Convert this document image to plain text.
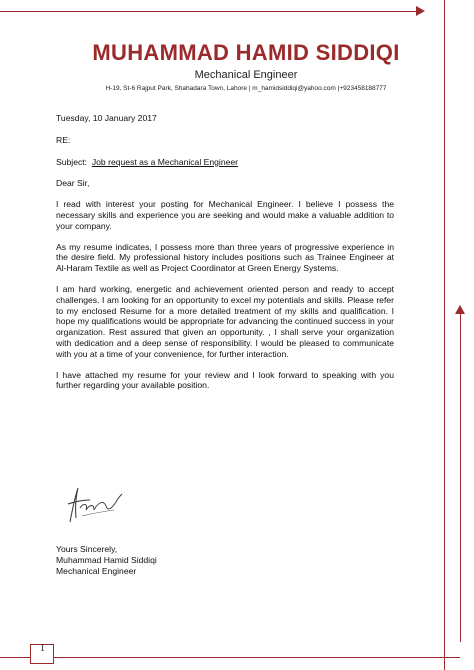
MUHAMMAD HAMID SIDDIQI
Mechanical Engineer
H-19, St-6 Rajput Park, Shahadara Town, Lahore | m_hamidsiddiqi@yahoo.com |+923458188777

Tuesday, 10 January 2017

RE:

Subject: Job request as a Mechanical Engineer

Dear Sir,

I read with interest your posting for Mechanical Engineer. I believe I possess the necessary skills and experience you are seeking and would make a valuable addition to your company.

As my resume indicates, I possess more than three years of progressive experience in the desire field. My professional history includes positions such as Trainee Engineer at Al-Haram Textile as well as Project Coordinator at Green Energy Systems.

I am hard working, energetic and achievement oriented person and ready to accept challenges. I am looking for an opportunity to excel my potentials and skills. Please refer to my enclosed Resume for a more detailed treatment of my skills and qualification. I hope my qualifications would be appropriate for advancing the continued success in your organization. Rest assured that given an opportunity. , I shall serve your organization with dedication and a deep sense of responsibility. I would be pleased to communicate with you at a time of your convenience, for further interaction.

I have attached my resume for your review and I look forward to speaking with you further regarding your available position.

Yours Sincerely,
Muhammad Hamid Siddiqi
Mechanical Engineer
1
